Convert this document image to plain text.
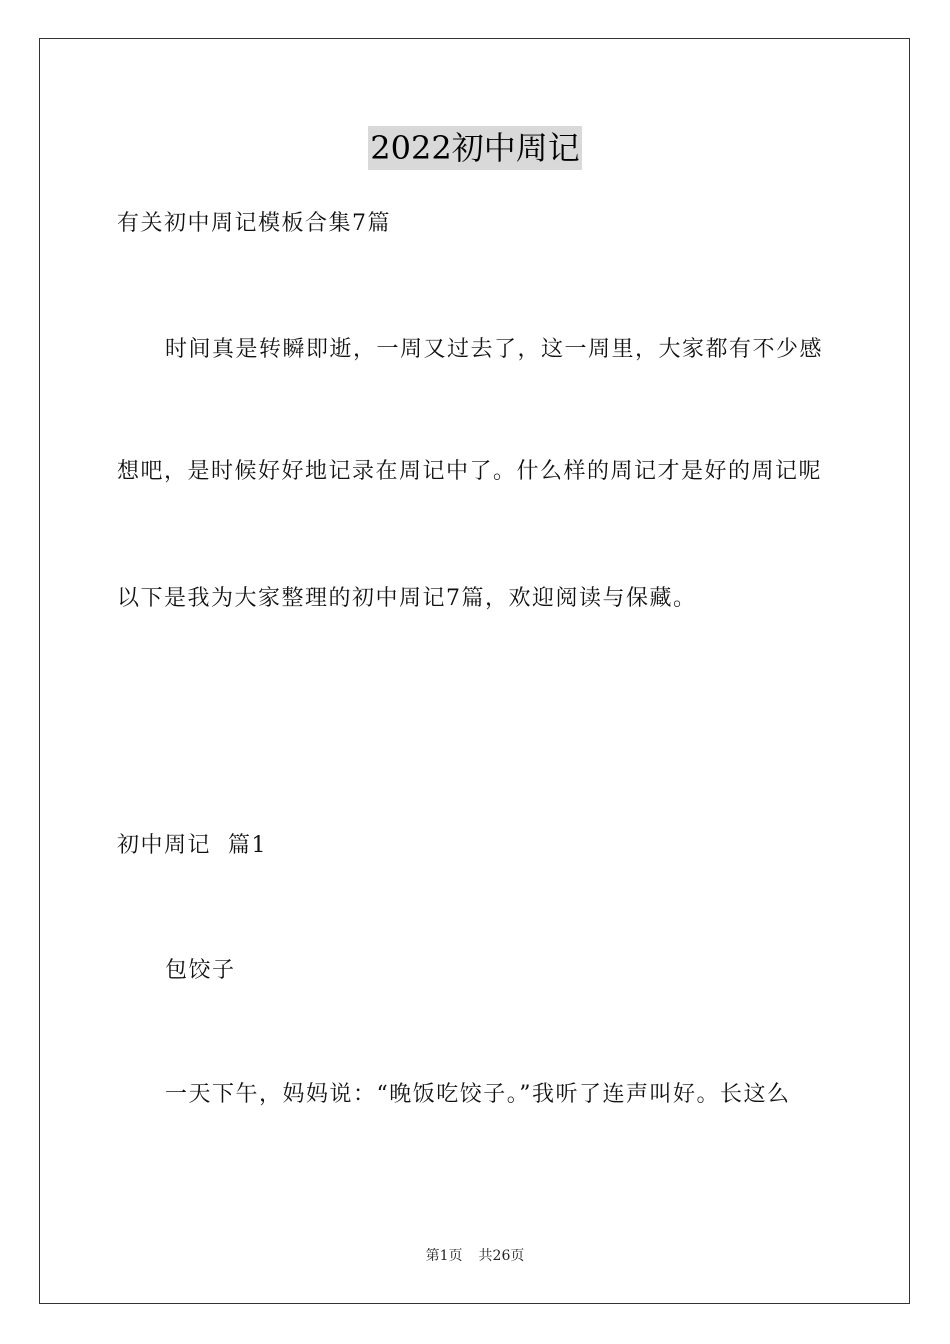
2022初中周记
有关初中周记模板合集7篇
时间真是转瞬即逝，一周又过去了，这一周里，大家都有不少感
想吧，是时候好好地记录在周记中了。什么样的周记才是好的周记呢
以下是我为大家整理的初中周记7篇，欢迎阅读与保藏。
初中周记  篇1
包饺子
一天下午，妈妈说：“晚饭吃饺子。”我听了连声叫好。长这么
第1页 共26页
